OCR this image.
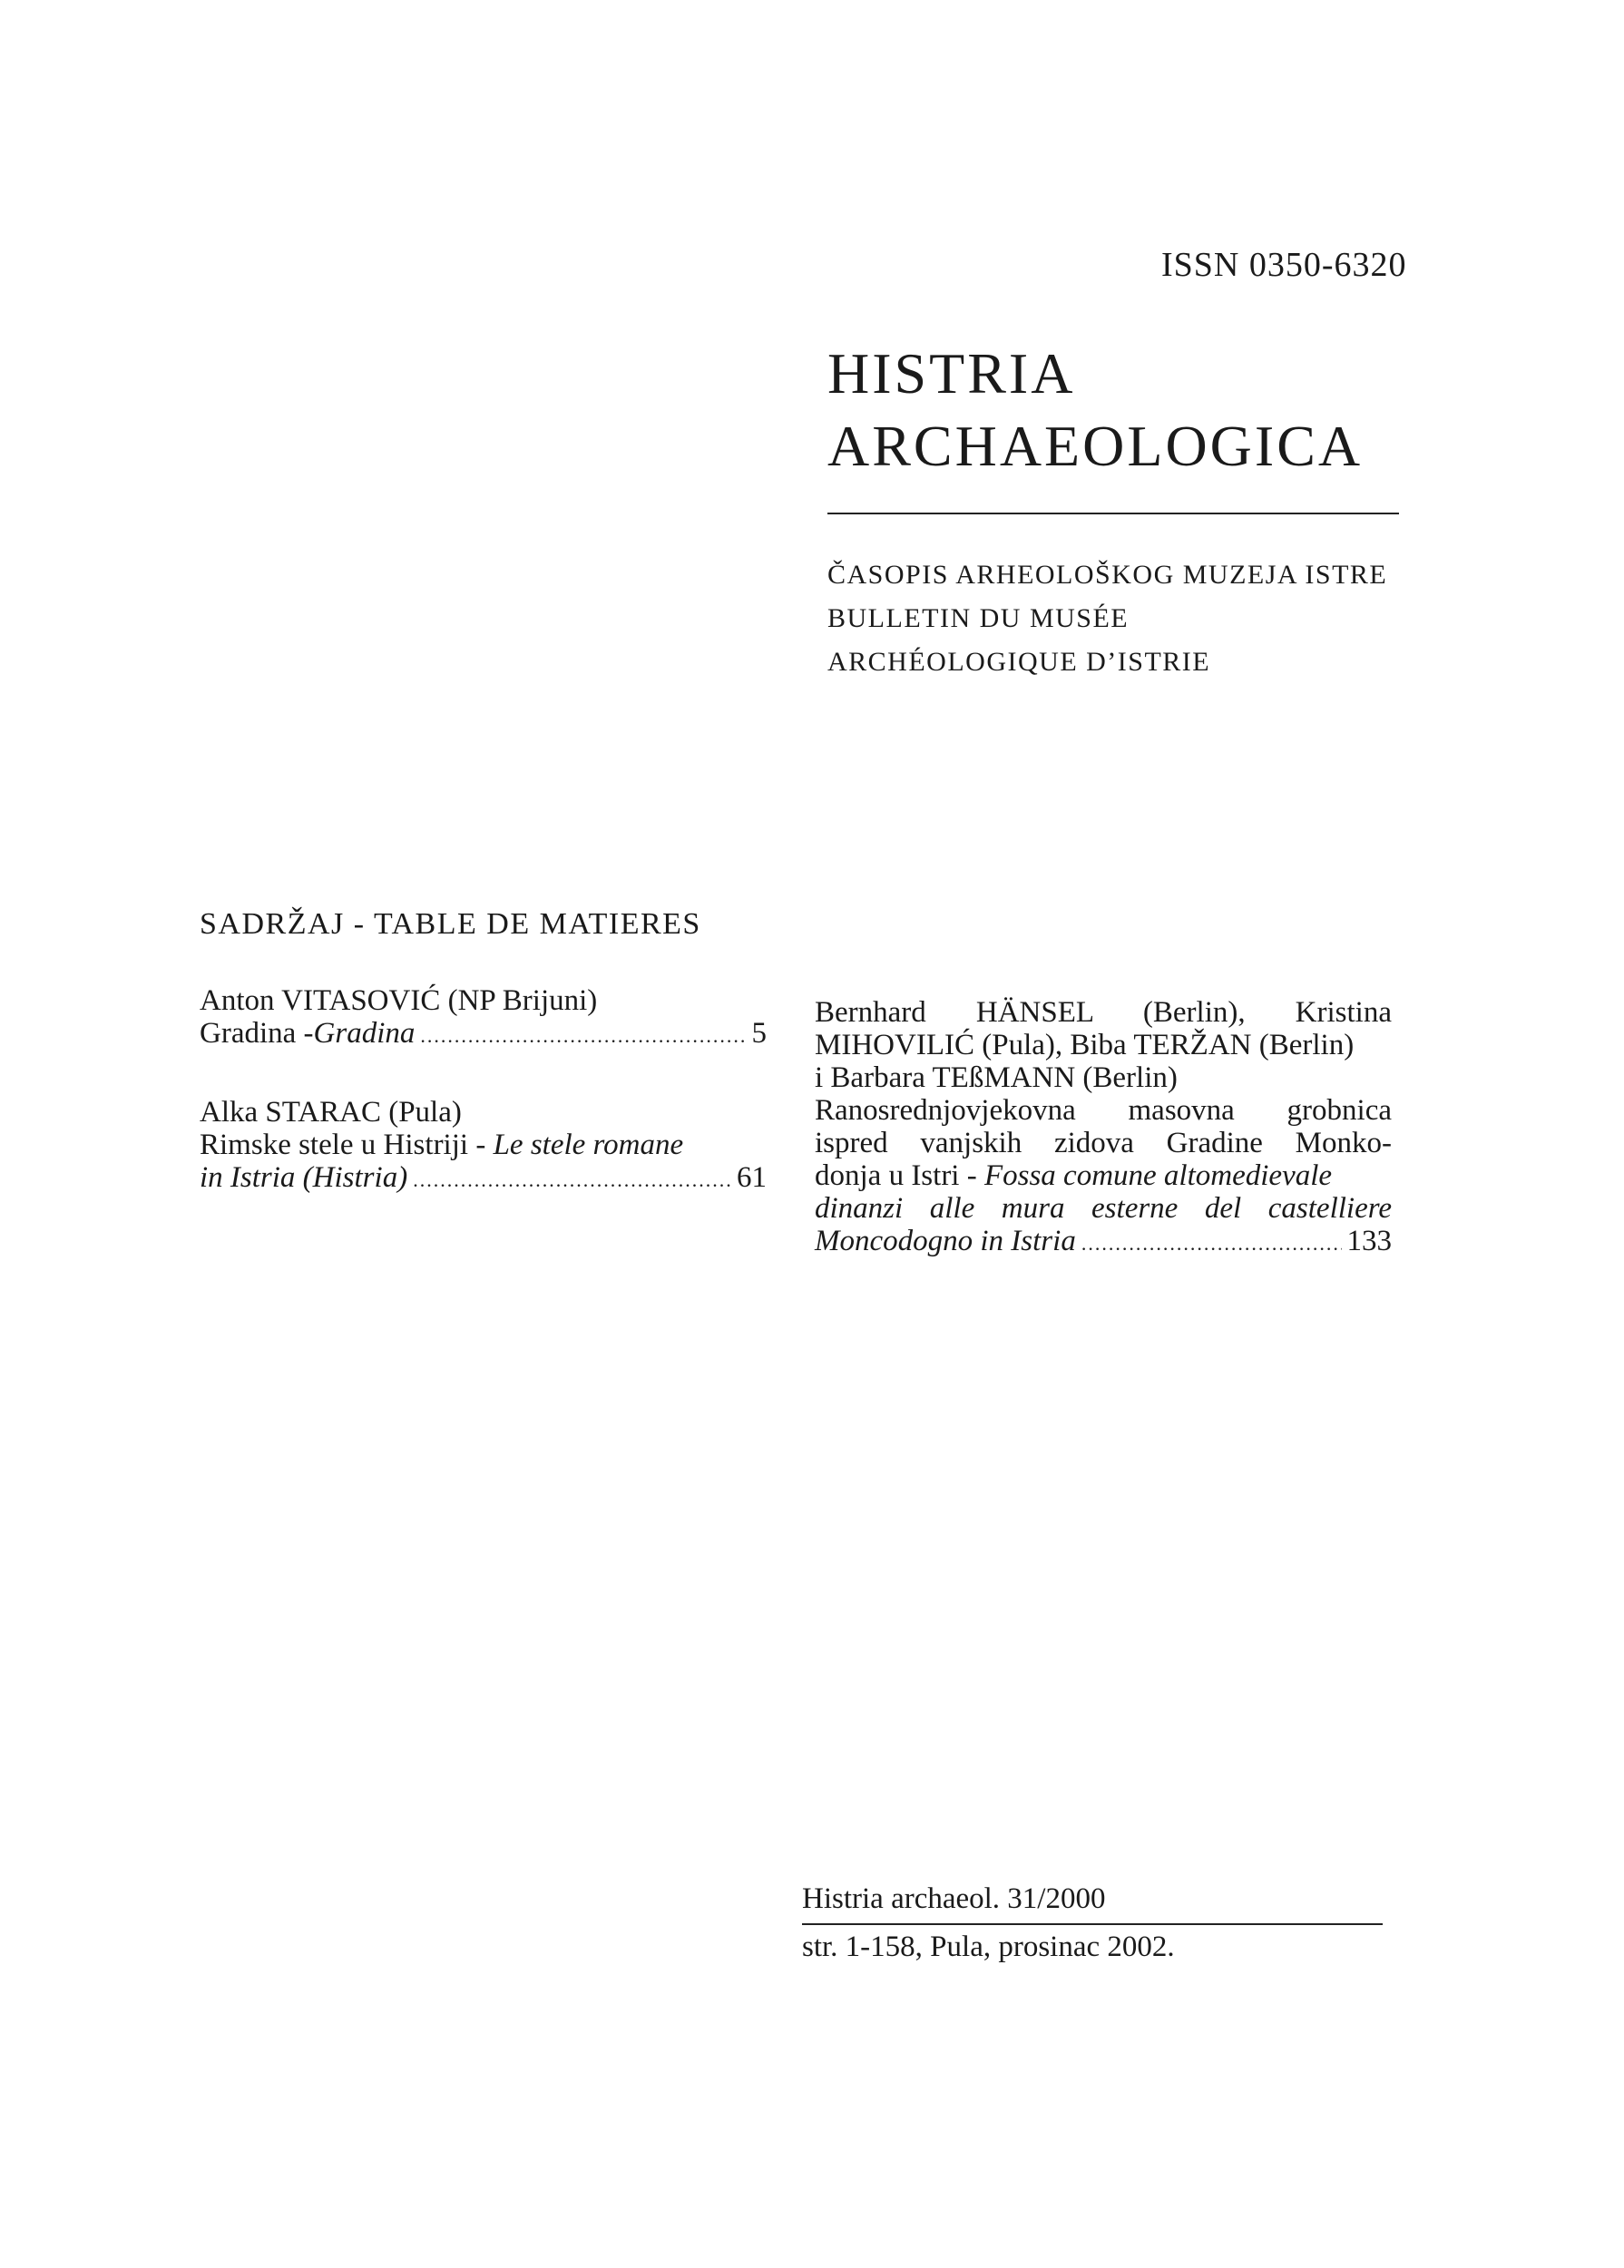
ISSN 0350-6320
HISTRIA
ARCHAEOLOGICA
ČASOPIS ARHEOLOŠKOG MUZEJA ISTRE
BULLETIN DU MUSÉE
ARCHÉOLOGIQUE D’ISTRIE
SADRŽAJ - TABLE DE MATIERES
Anton VITASOVIĆ (NP Brijuni)
Gradina - Gradina .....	5
Alka STARAC (Pula)
Rimske stele u Histriji - Le stele romane
in Istria (Histria) .....	61
Bernhard HÄNSEL (Berlin), Kristina
MIHOVILIĆ (Pula), Biba TERŽAN (Berlin)
i Barbara TEßMANN (Berlin)
Ranosrednjovjekovna masovna grobnica
ispred vanjskih zidova Gradine Monko-
donja u Istri - Fossa comune altomedievale
dinanzi alle mura esterne del castelliere
Moncodogno in Istria .....	133
Histria archaeol. 31/2000
str. 1-158, Pula, prosinac 2002.
